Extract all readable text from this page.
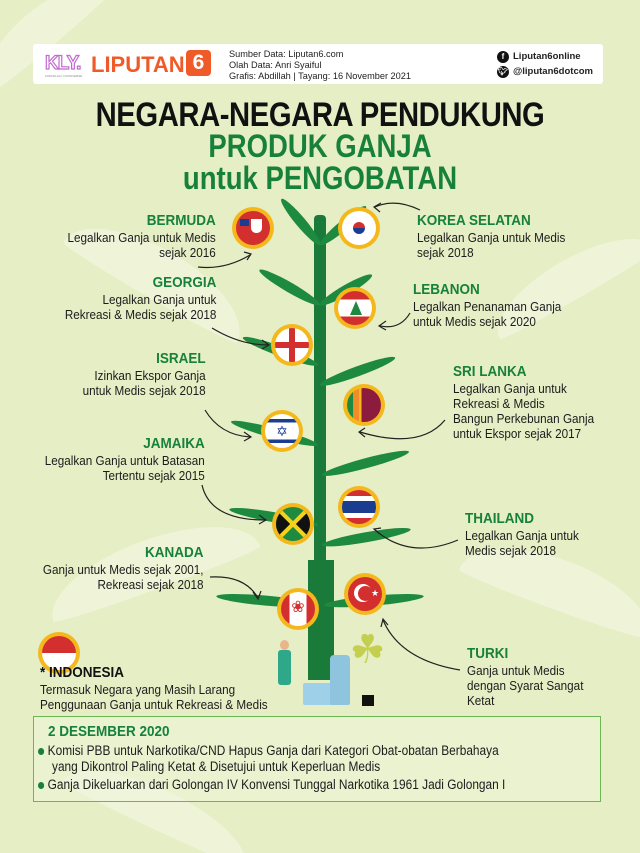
KLY.
KAPANLAGI YOUNIVERSE LIPUTAN 6	Sumber Data: Liputan6.com
Olah Data: Anri Syaiful
Grafis: Abdillah | Tayang: 16 November 2021
f Liputan6online
🐦︎ @liputan6dotcom
NEGARA-NEGARA PENDUKUNG
PRODUK GANJA
untuk PENGOBATAN
✡
★
❀
BERMUDA
Legalkan Ganja untuk Medis
sejak 2016
KOREA SELATAN
Legalkan Ganja untuk Medis
sejak 2018
GEORGIA
Legalkan Ganja untuk
Rekreasi & Medis sejak 2018
LEBANON
Legalkan Penanaman Ganja
untuk Medis sejak 2020
ISRAEL
Izinkan Ekspor Ganja
untuk Medis sejak 2018
SRI LANKA
Legalkan Ganja untuk
Rekreasi & Medis
Bangun Perkebunan Ganja
untuk Ekspor sejak 2017
JAMAIKA
Legalkan Ganja untuk Batasan
Tertentu sejak 2015
THAILAND
Legalkan Ganja untuk
Medis sejak 2018
KANADA
Ganja untuk Medis sejak 2001,
Rekreasi sejak 2018
TURKI
Ganja untuk Medis
dengan Syarat Sangat
Ketat
* INDONESIA
Termasuk Negara yang Masih Larang
Penggunaan Ganja untuk Rekreasi & Medis
☘
2 DESEMBER 2020
Komisi PBB untuk Narkotika/CND Hapus Ganja dari Kategori Obat-obatan Berbahaya
yang Dikontrol Paling Ketat & Disetujui untuk Keperluan Medis
Ganja Dikeluarkan dari Golongan IV Konvensi Tunggal Narkotika 1961 Jadi Golongan I
